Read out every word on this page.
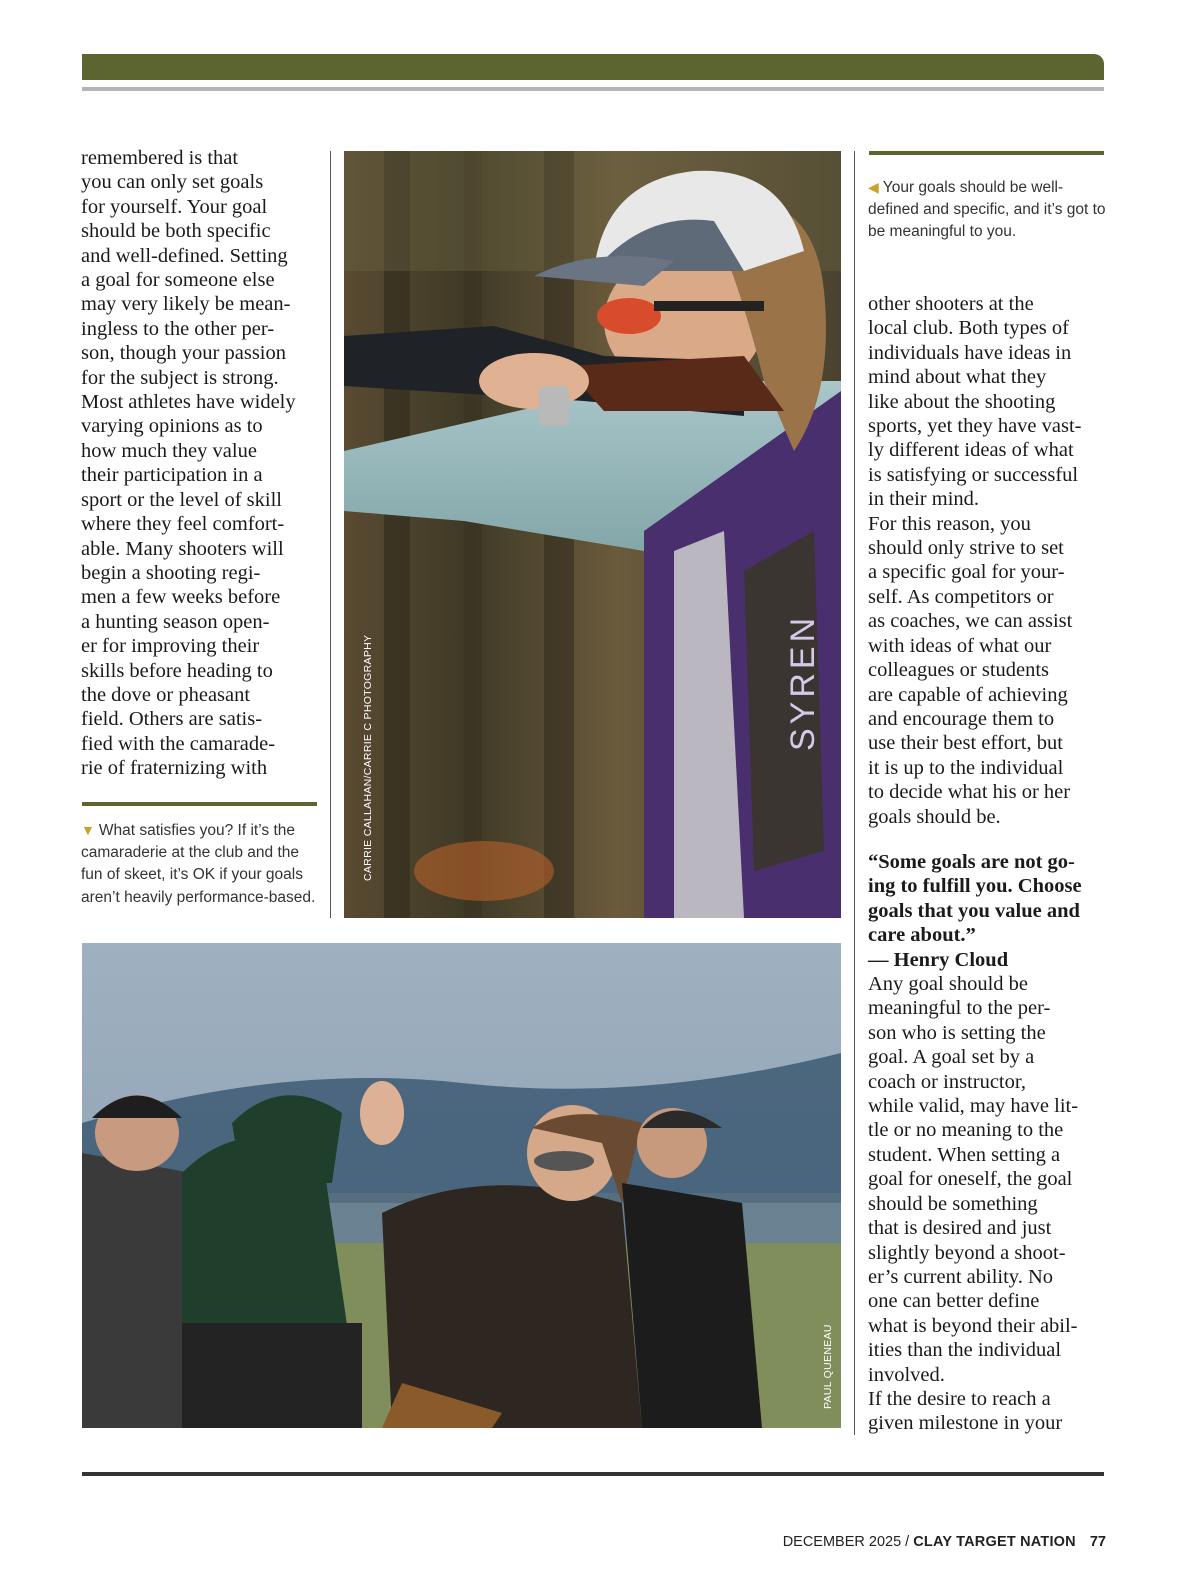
remembered is that
you can only set goals
for yourself. Your goal
should be both specific
and well-defined. Setting
a goal for someone else
may very likely be mean-
ingless to the other per-
son, though your passion
for the subject is strong.
Most athletes have widely
varying opinions as to
how much they value
their participation in a
sport or the level of skill
where they feel comfort-
able. Many shooters will
begin a shooting regi-
men a few weeks before
a hunting season open-
er for improving their
skills before heading to
the dove or pheasant
field. Others are satis-
fied with the camarade-
rie of fraternizing with
▼ What satisfies you? If it’s the camaraderie at the club and the fun of skeet, it’s OK if your goals aren’t heavily performance-based.
SYREN
CARRIE CALLAHAN/CARRIE C PHOTOGRAPHY
PAUL QUENEAU
◀ Your goals should be well-defined and specific, and it’s got to be meaningful to you.
other shooters at the
local club. Both types of
individuals have ideas in
mind about what they
like about the shooting
sports, yet they have vast-
ly different ideas of what
is satisfying or successful
in their mind.
For this reason, you
should only strive to set
a specific goal for your-
self. As competitors or
as coaches, we can assist
with ideas of what our
colleagues or students
are capable of achieving
and encourage them to
use their best effort, but
it is up to the individual
to decide what his or her
goals should be.
“Some goals are not go-
ing to fulfill you. Choose
goals that you value and
care about.”
— Henry Cloud
Any goal should be
meaningful to the per-
son who is setting the
goal. A goal set by a
coach or instructor,
while valid, may have lit-
tle or no meaning to the
student. When setting a
goal for oneself, the goal
should be something
that is desired and just
slightly beyond a shoot-
er’s current ability. No
one can better define
what is beyond their abil-
ities than the individual
involved.
If the desire to reach a
given milestone in your
DECEMBER 2025 / CLAY TARGET NATION 77
